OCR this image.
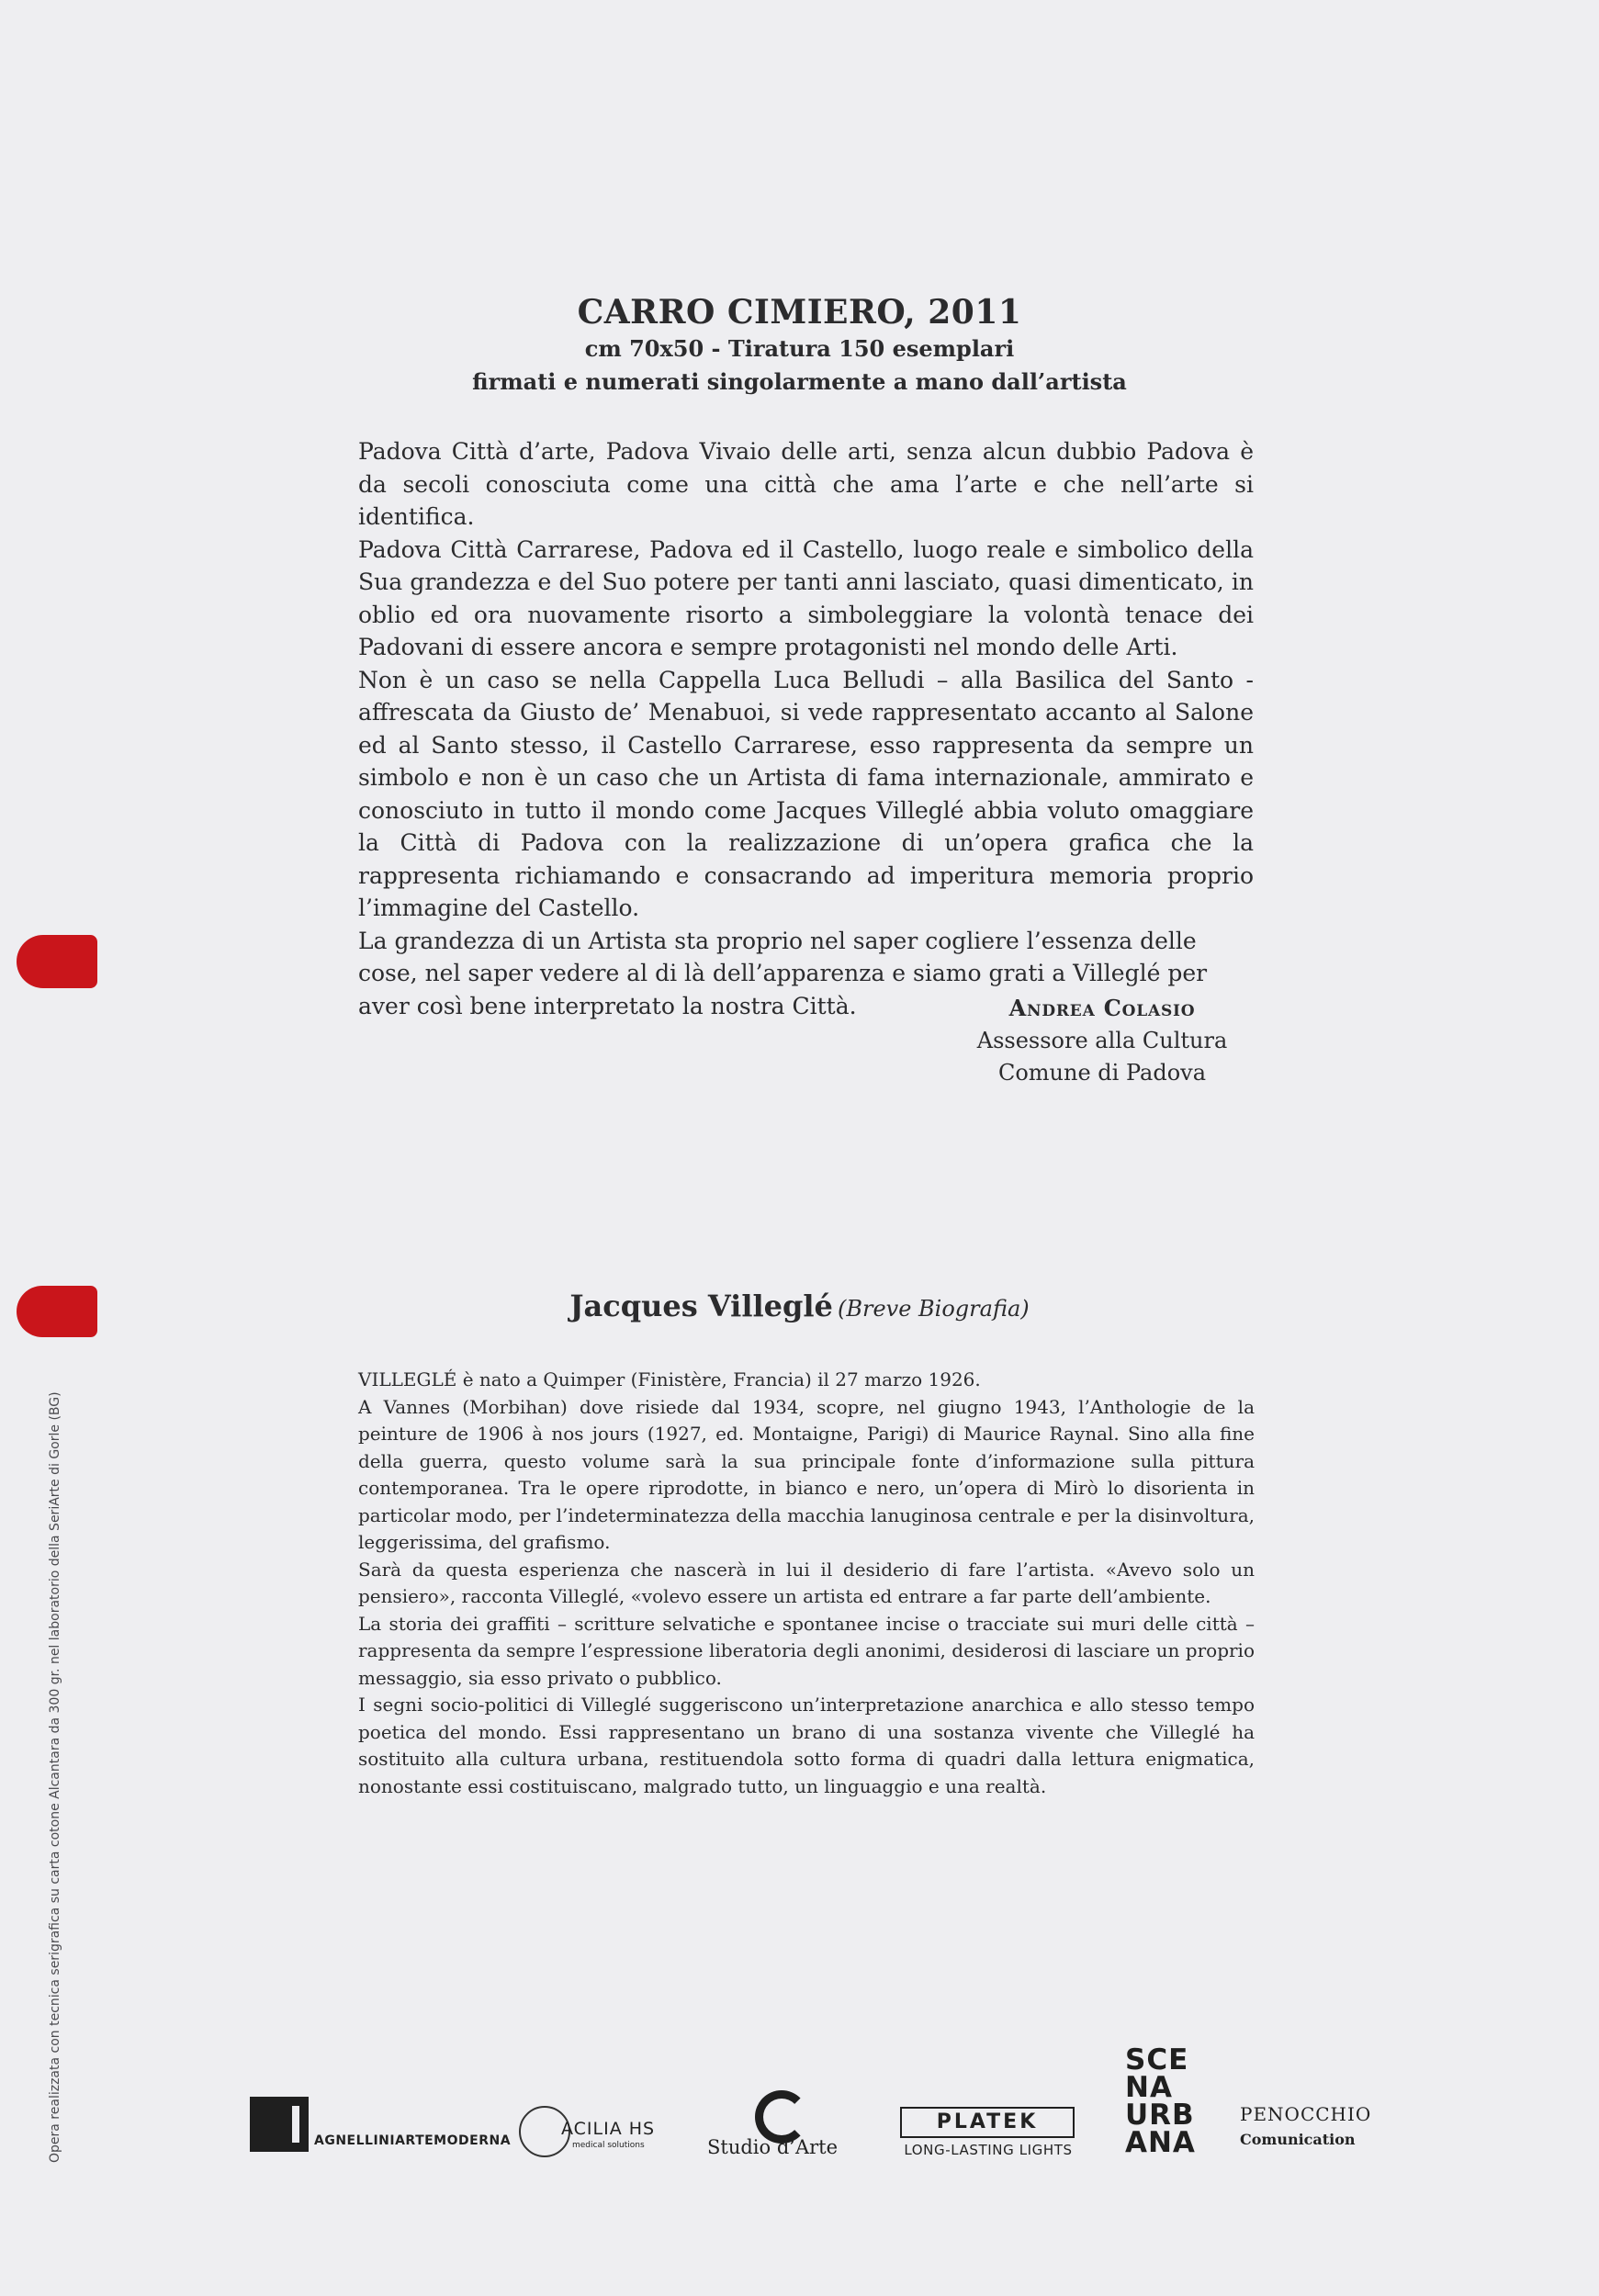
CARRO CIMIERO, 2011
cm 70x50 - Tiratura 150 esemplari
firmati e numerati singolarmente a mano dall’artista

Padova Città d’arte, Padova Vivaio delle arti, senza alcun dubbio Padova è da secoli conosciuta come una città che ama l’arte e che nell’arte si identifica.

Padova Città Carrarese, Padova ed il Castello, luogo reale e simbolico della Sua grandezza e del Suo potere per tanti anni lasciato, quasi dimenticato, in oblio ed ora nuovamente risorto a simboleggiare la volontà tenace dei Padovani di essere ancora e sempre protagonisti nel mondo delle Arti.

Non è un caso se nella Cappella Luca Belludi – alla Basilica del Santo - affrescata da Giusto de’ Menabuoi, si vede rappresentato accanto al Salone ed al Santo stesso, il Castello Carrarese, esso rappresenta da sempre un simbolo e non è un caso che un Artista di fama internazionale, ammirato e conosciuto in tutto il mondo come Jacques Villeglé abbia voluto omaggiare la Città di Padova con la realizzazione di un’opera grafica che la rappresenta richiamando e consacrando ad imperitura memoria proprio l’immagine del Castello.

La grandezza di un Artista sta proprio nel saper cogliere l’essenza delle cose, nel saper vedere al di là dell’apparenza e siamo grati a Villeglé per aver così bene interpretato la nostra Città.	Andrea Colasio
Assessore alla Cultura
Comune di Padova
Jacques Villeglé (Breve Biografia)

VILLEGLÉ è nato a Quimper (Finistère, Francia) il 27 marzo 1926.

A Vannes (Morbihan) dove risiede dal 1934, scopre, nel giugno 1943, l’Anthologie de la peinture de 1906 à nos jours (1927, ed. Montaigne, Parigi) di Maurice Raynal. Sino alla fine della guerra, questo volume sarà la sua principale fonte d’informazione sulla pittura contemporanea. Tra le opere riprodotte, in bianco e nero, un’opera di Mirò lo disorienta in particolar modo, per l’indeterminatezza della macchia lanuginosa centrale e per la disinvoltura, leggerissima, del grafismo.

Sarà da questa esperienza che nascerà in lui il desiderio di fare l’artista. «Avevo solo un pensiero», racconta Villeglé, «volevo essere un artista ed entrare a far parte dell’ambiente.

La storia dei graffiti – scritture selvatiche e spontanee incise o tracciate sui muri delle città – rappresenta da sempre l’espressione liberatoria degli anonimi, desiderosi di lasciare un proprio messaggio, sia esso privato o pubblico.

I segni socio-politici di Villeglé suggeriscono un’interpretazione anarchica e allo stesso tempo poetica del mondo. Essi rappresentano un brano di una sostanza vivente che Villeglé ha sostituito alla cultura urbana, restituendola sotto forma di quadri dalla lettura enigmatica, nonostante essi costituiscano, malgrado tutto, un linguaggio e una realtà.

Opera realizzata con tecnica serigrafica su carta cotone Alcantara da 300 gr. nel laboratorio della SeriArte di Gorle (BG)	AGNELLINIARTEMODERNA
ACILIA HS
medical solutions	Studio d’Arte
PLATEK
LONG-LASTING LIGHTS
SCE
NA
URB
ANA
PENOCCHIO
Comunication
